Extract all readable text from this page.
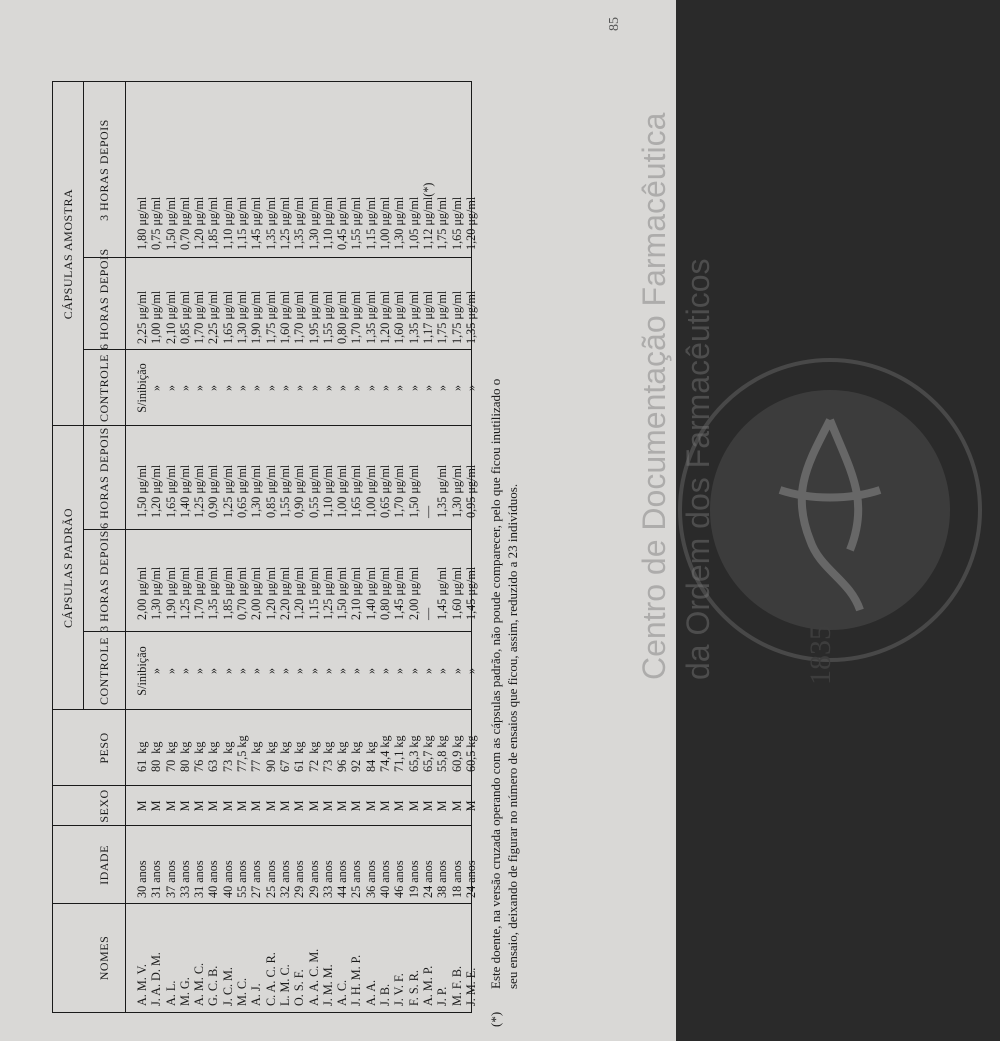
85
NOMES
IDADE
SEXO
PESO
CÁPSULAS PADRÃO
CÁPSULAS AMOSTRA
CONTROLE
3 HORAS DEPOIS
6 HORAS DEPOIS
CONTROLE
6 HORAS DEPOIS
3 HORAS DEPOIS
A. M. V. J. A. D. M. A. L. M. G. A. M. C. G. C. B. J. C. M. M. C. A. J. C. A. C. R. L. M. C. O. S. F. A. A. C. M. J. M. M. A. C. J. H. M. P. A. A. J. B. J. V. F. F. S. R. A. M. P. J. P. M. F. B. J. M. E.
30 anos 31 anos 37 anos 33 anos 31 anos 40 anos 40 anos 55 anos 27 anos 25 anos 32 anos 29 anos 29 anos 33 anos 44 anos 25 anos 36 anos 40 anos 46 anos 19 anos 24 anos 38 anos 18 anos 24 anos
M M M M M M M M M M M M M M M M M M M M M M M M
61  kg 80  kg 70  kg 80  kg 76  kg 63  kg 73  kg 77,5 kg 77  kg 90  kg 67  kg 61  kg 72  kg 73  kg 96  kg 92  kg 84  kg 74,4 kg 71,1 kg 65,3 kg 65,7 kg 55,8 kg 60,9 kg 60,5 kg
S/inibição » » » » » » » » » » » » » » » » » » » » » » »
2,00 μg/ml 1,30 μg/ml 1,90 μg/ml 1,25 μg/ml 1,70 μg/ml 1,35 μg/ml 1,85 μg/ml 0,70 μg/ml 2,00 μg/ml 1,20 μg/ml 2,20 μg/ml 1,20 μg/ml 1,15 μg/ml 1,25 μg/ml 1,50 μg/ml 2,10 μg/ml 1,40 μg/ml 0,80 μg/ml 1,45 μg/ml 2,00 μg/ml — 1,45 μg/ml 1,60 μg/ml 1,45 μg/ml
1,50 μg/ml 1,20 μg/ml 1,65 μg/ml 1,40 μg/ml 1,25 μg/ml 0,90 μg/ml 1,25 μg/ml 0,65 μg/ml 1,30 μg/ml 0,85 μg/ml 1,55 μg/ml 0,90 μg/ml 0,55 μg/ml 1,10 μg/ml 1,00 μg/ml 1,65 μg/ml 1,00 μg/ml 0,65 μg/ml 1,70 μg/ml 1,50 μg/ml — 1,35 μg/ml 1,30 μg/ml 0,95 μg/ml
S/inibição » » » » » » » » » » » » » » » » » » » » » » »
2,25 μg/ml 1,00 μg/ml 2,10 μg/ml 0,85 μg/ml 1,70 μg/ml 2,25 μg/ml 1,65 μg/ml 1,30 μg/ml 1,90 μg/ml 1,75 μg/ml 1,60 μg/ml 1,70 μg/ml 1,95 μg/ml 1,55 μg/ml 0,80 μg/ml 1,70 μg/ml 1,35 μg/ml 1,20 μg/ml 1,60 μg/ml 1,35 μg/ml 1,17 μg/ml 1,75 μg/ml 1,75 μg/ml 1,35 μg/ml
1,80 μg/ml 0,75 μg/ml 1,50 μg/ml 0,70 μg/ml 1,20 μg/ml 1,85 μg/ml 1,10 μg/ml 1,15 μg/ml 1,45 μg/ml 1,35 μg/ml 1,25 μg/ml 1,35 μg/ml 1,30 μg/ml 1,10 μg/ml 0,45 μg/ml 1,55 μg/ml 1,15 μg/ml 1,00 μg/ml 1,30 μg/ml 1,05 μg/ml 1,12 μg/ml(*) 1,75 μg/ml 1,65 μg/ml 1,20 μg/ml
(*)
Este doente, na versão cruzada operando com as cápsulas padrão, não poude comparecer, pelo que ficou inutilizado o seu ensaio, deixando de figurar no número de ensaios que ficou, assim, reduzido a 23 indivíduos.	1835
Centro de Documentação Farmacêutica da Ordem dos Farmacêuticos
